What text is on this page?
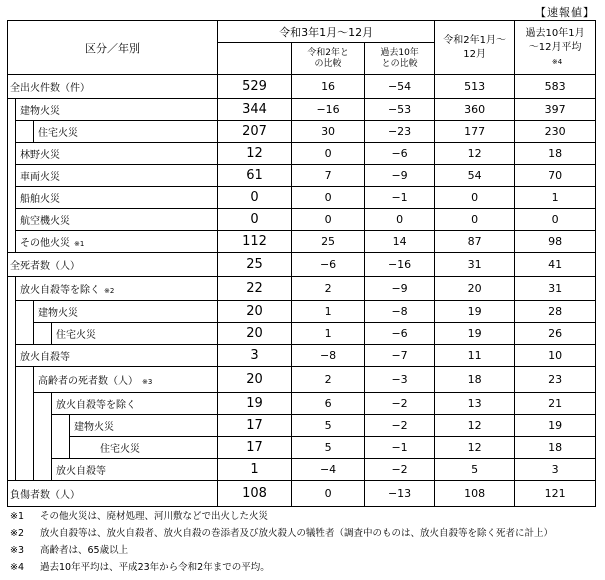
【速報値】
区分／年別					令和3年1月～12月			令和2年1月～12月	過去10年1月～12月平均
※4
						令和2年との比較	過去10年との比較		
全出火件数（件）					529	16	−54	513	583
	建物火災				344	−16	−53	360	397
		住宅火災			207	30	−23	177	230
	林野火災				12	0	−6	12	18
	車両火災				61	7	−9	54	70
	船舶火災				0	0	−1	0	1
	航空機火災				0	0	0	0	0
	その他火災 ※1				112	25	14	87	98
全死者数（人）					25	−6	−16	31	41
	放火自殺等を除く ※2				22	2	−9	20	31
		建物火災			20	1	−8	19	28
			住宅火災		20	1	−6	19	26
	放火自殺等				3	−8	−7	11	10
		高齢者の死者数（人） ※3			20	2	−3	18	23
			放火自殺等を除く		19	6	−2	13	21
				建物火災	17	5	−2	12	19
				住宅火災	17	5	−1	12	18
			放火自殺等		1	−4	−2	5	3
負傷者数（人）					108	0	−13	108	121
※1	その他火災は、廃材処理、河川敷などで出火した火災
※2	放火自殺等は、放火自殺者、放火自殺の巻添者及び放火殺人の犠牲者（調査中のものは、放火自殺等を除く死者に計上）
※3	高齢者は、65歳以上
※4	過去10年平均は、平成23年から令和2年までの平均。
